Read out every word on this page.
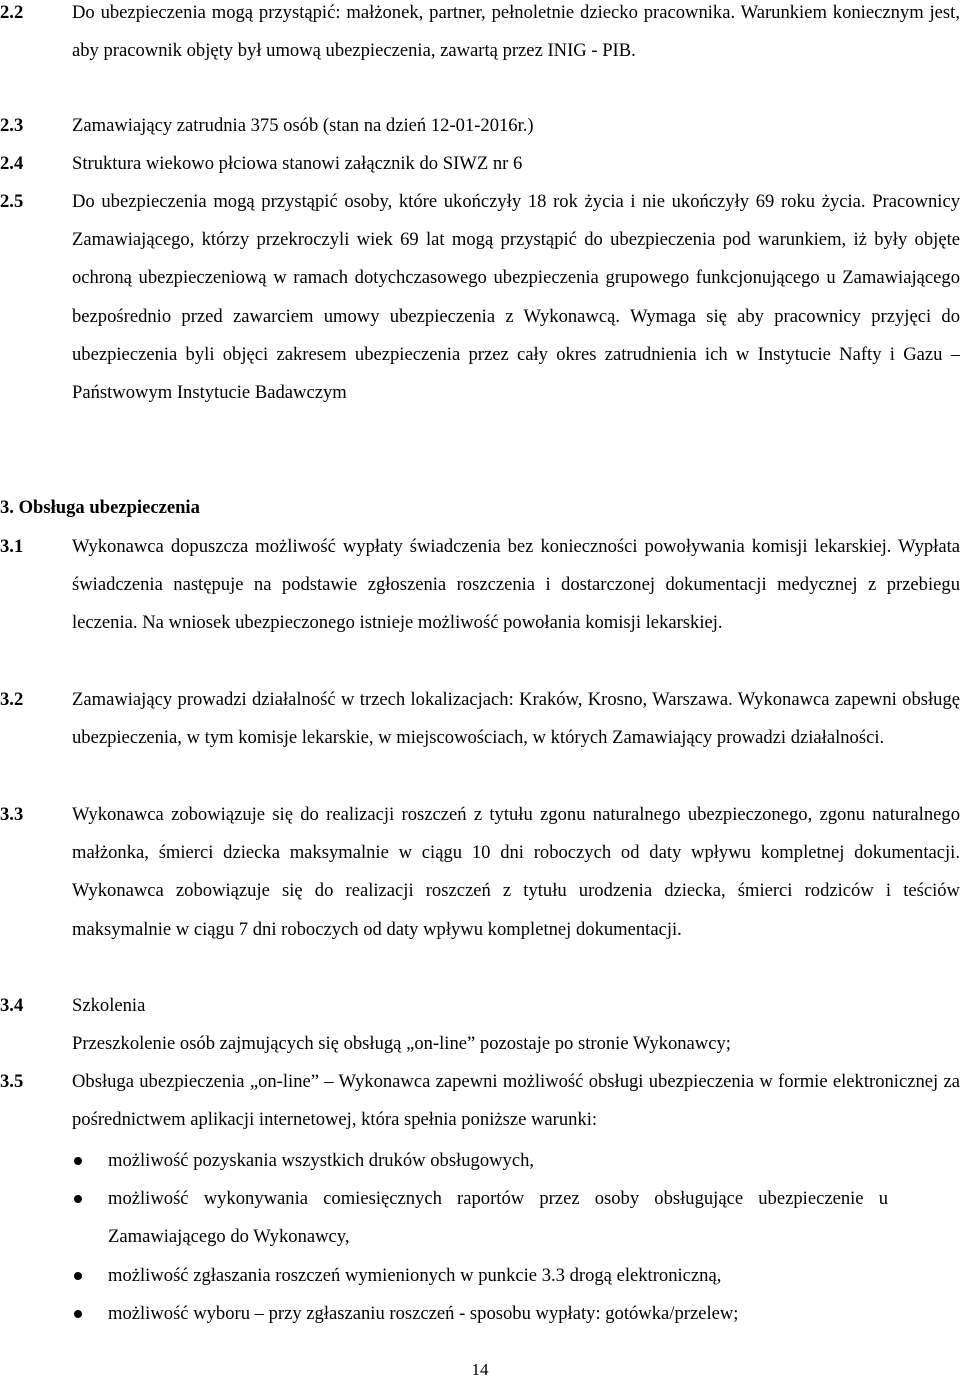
2.2	Do ubezpieczenia mogą przystąpić: małżonek, partner, pełnoletnie dziecko pracownika. Warunkiem koniecznym jest, aby pracownik objęty był umową ubezpieczenia, zawartą przez INIG - PIB.
2.3	Zamawiający zatrudnia 375 osób (stan na dzień 12-01-2016r.)
2.4	Struktura wiekowo płciowa stanowi załącznik do SIWZ nr 6
2.5	Do ubezpieczenia mogą przystąpić osoby, które ukończyły 18 rok życia i nie ukończyły 69 roku życia. Pracownicy Zamawiającego, którzy przekroczyli wiek 69 lat mogą przystąpić do ubezpieczenia pod warunkiem, iż były objęte ochroną ubezpieczeniową w ramach dotychczasowego ubezpieczenia grupowego funkcjonującego u Zamawiającego bezpośrednio przed zawarciem umowy ubezpieczenia z Wykonawcą. Wymaga się aby pracownicy przyjęci do ubezpieczenia byli objęci zakresem ubezpieczenia przez cały okres zatrudnienia ich w Instytucie Nafty i Gazu ‒ Państwowym Instytucie Badawczym
3. Obsługa ubezpieczenia
3.1	Wykonawca dopuszcza możliwość wypłaty świadczenia bez konieczności powoływania komisji lekarskiej. Wypłata świadczenia następuje na podstawie zgłoszenia roszczenia i dostarczonej dokumentacji medycznej z przebiegu leczenia. Na wniosek ubezpieczonego istnieje możliwość powołania komisji lekarskiej.
3.2	Zamawiający prowadzi działalność w trzech lokalizacjach: Kraków, Krosno, Warszawa. Wykonawca zapewni obsługę ubezpieczenia, w tym komisje lekarskie, w miejscowościach, w których Zamawiający prowadzi działalności.
3.3	Wykonawca zobowiązuje się do realizacji roszczeń z tytułu zgonu naturalnego ubezpieczonego, zgonu naturalnego małżonka, śmierci dziecka maksymalnie w ciągu 10 dni roboczych od daty wpływu kompletnej dokumentacji. Wykonawca zobowiązuje się do realizacji roszczeń z tytułu urodzenia dziecka, śmierci rodziców i teściów maksymalnie w ciągu 7 dni roboczych od daty wpływu kompletnej dokumentacji.
3.4	Szkolenia
Przeszkolenie osób zajmujących się obsługą „on-line” pozostaje po stronie Wykonawcy;
3.5	Obsługa ubezpieczenia „on-line” ‒ Wykonawca zapewni możliwość obsługi ubezpieczenia w formie elektronicznej za pośrednictwem aplikacji internetowej, która spełnia poniższe warunki:
możliwość pozyskania wszystkich druków obsługowych,
możliwość wykonywania comiesięcznych raportów przez osoby obsługujące ubezpieczenie u Zamawiającego do Wykonawcy,
możliwość zgłaszania roszczeń wymienionych w punkcie 3.3 drogą elektroniczną,
możliwość wyboru ‒ przy zgłaszaniu roszczeń - sposobu wypłaty: gotówka/przelew;
14
